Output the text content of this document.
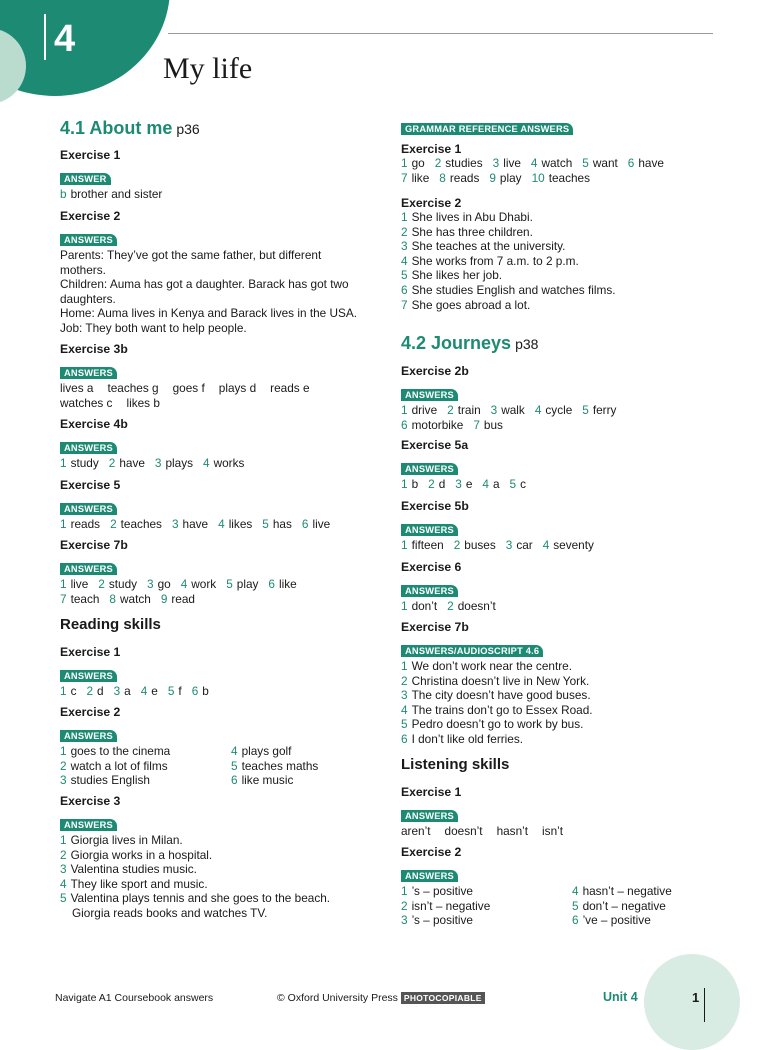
4
My life
4.1 About me p36
Exercise 1
ANSWER
b brother and sister
Exercise 2
ANSWERS
Parents: They’ve got the same father, but different mothers.
Children: Auma has got a daughter. Barack has got two daughters.
Home: Auma lives in Kenya and Barack lives in the USA.
Job: They both want to help people.
Exercise 3b
ANSWERS
lives a teaches g goes f plays d reads e
watches c likes b
Exercise 4b
ANSWERS
1 study 2 have 3 plays 4 works
Exercise 5
ANSWERS
1 reads 2 teaches 3 have 4 likes 5 has 6 live
Exercise 7b
ANSWERS
1 live 2 study 3 go 4 work 5 play 6 like
7 teach 8 watch 9 read
Reading skills
Exercise 1
ANSWERS
1 c 2 d 3 a 4 e 5 f 6 b
Exercise 2
ANSWERS
1 goes to the cinema
2 watch a lot of films
3 studies English
4 plays golf
5 teaches maths
6 like music
Exercise 3
ANSWERS
1 Giorgia lives in Milan.
2 Giorgia works in a hospital.
3 Valentina studies music.
4 They like sport and music.
5 Valentina plays tennis and she goes to the beach.
Giorgia reads books and watches TV.
GRAMMAR REFERENCE ANSWERS
Exercise 1
1 go 2 studies 3 live 4 watch 5 want 6 have
7 like 8 reads 9 play 10 teaches
Exercise 2
1 She lives in Abu Dhabi.
2 She has three children.
3 She teaches at the university.
4 She works from 7 a.m. to 2 p.m.
5 She likes her job.
6 She studies English and watches films.
7 She goes abroad a lot.
4.2 Journeys p38
Exercise 2b
ANSWERS
1 drive 2 train 3 walk 4 cycle 5 ferry
6 motorbike 7 bus
Exercise 5a
ANSWERS
1 b 2 d 3 e 4 a 5 c
Exercise 5b
ANSWERS
1 fifteen 2 buses 3 car 4 seventy
Exercise 6
ANSWERS
1 don’t 2 doesn’t
Exercise 7b
ANSWERS/AUDIOSCRIPT 4.6
1 We don’t work near the centre.
2 Christina doesn’t live in New York.
3 The city doesn’t have good buses.
4 The trains don’t go to Essex Road.
5 Pedro doesn’t go to work by bus.
6 I don’t like old ferries.
Listening skills
Exercise 1
ANSWERS
aren’t doesn’t hasn’t isn’t
Exercise 2
ANSWERS
1 ’s – positive
2 isn’t – negative
3 ’s – positive
4 hasn’t – negative
5 don’t – negative
6 ’ve – positive
Navigate A1 Coursebook answers	© Oxford University Press PHOTOCOPIABLE	Unit 4	1
